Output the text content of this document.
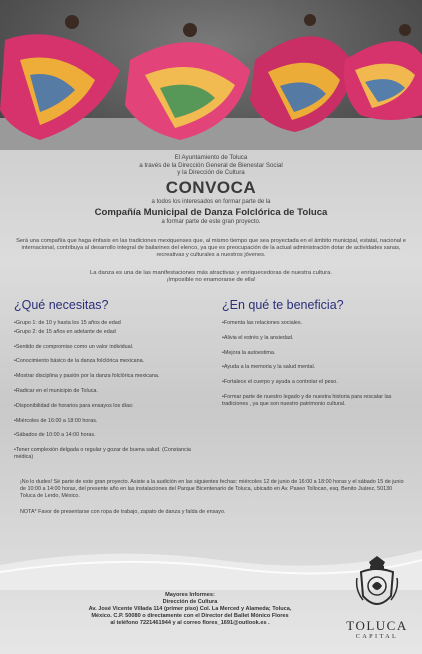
El Ayuntamiento de Toluca
a través de la Dirección General de Bienestar Social
y la Dirección de Cultura
CONVOCA
a todos los interesados en formar parte de la
Compañía Municipal de Danza Folclórica de Toluca
a formar parte de este gran proyecto.
Será una compañía que haga énfasis en las tradiciones mexiquenses que, al mismo tiempo que sea proyectada en el ámbito municipal, estatal, nacional e internacional, contribuya al desarrollo integral de bailarines del elenco, ya que es preocupación de la actual administración dotar de actividades sanas, recreativas y culturales a nuestros jóvenes.
La danza es una de las manifestaciones más atractivas y enriquecedoras de nuestra cultura.
¡Imposible no enamorarse de ella!
¿Qué necesitas?
•Grupo 1: de 10 y hasta los 15 años de edad
•Grupo 2: de 15 años en adelante de edad
•Sentido de compromiso como un valor individual.
•Conocimiento básico de la danza folclórica mexicana.
•Mostrar disciplina y pasión por la danza folclórica mexicana.
•Radicar en el municipio de Toluca.
•Disponibilidad de horarios para ensayos los días:
•Miércoles de 16:00 a 18:00 horas.
•Sábados de 10:00 a 14:00 horas.
•Tener complexión delgada o regular y gozar de buena salud. (Constancia médica)
¿En qué te beneficia?
•Fomenta las relaciones sociales.
•Alivia el estrés y la ansiedad.
•Mejora la autoestima.
•Ayuda a la memoria y la salud mental.
•Fortalece el cuerpo y ayuda a controlar el peso.
•Formar parte de nuestro legado y de nuestra historia para rescatar las tradiciones , ya que son nuestro patrimonio cultural.
¡No lo dudes! Sé parte de este gran proyecto. Asiste a la audición en las siguientes fechas: miércoles 12 de junio de 16:00 a 18:00 horas y el sábado 15 de junio de 10:00 a 14:00 horas, del presente año en las instalaciones del Parque Bicentenario de Toluca, ubicado en Av. Paseo Tollocan, esq. Benito Juárez, 50130 Toluca de Lerdo, México.
NOTA* Favor de presentarse con ropa de trabajo, zapato de danza y falda de ensayo.
Mayores Informes:
Dirección de Cultura
Av. José Vicente Villada 114 (primer piso) Col. La Merced y Alameda; Toluca,
México. C.P. 50080 o directamente con el Director del Ballet Mónico Flores
al teléfono 7221461944 y al correo flores_1691@outlook.es .	TOLUCA
CAPITAL
